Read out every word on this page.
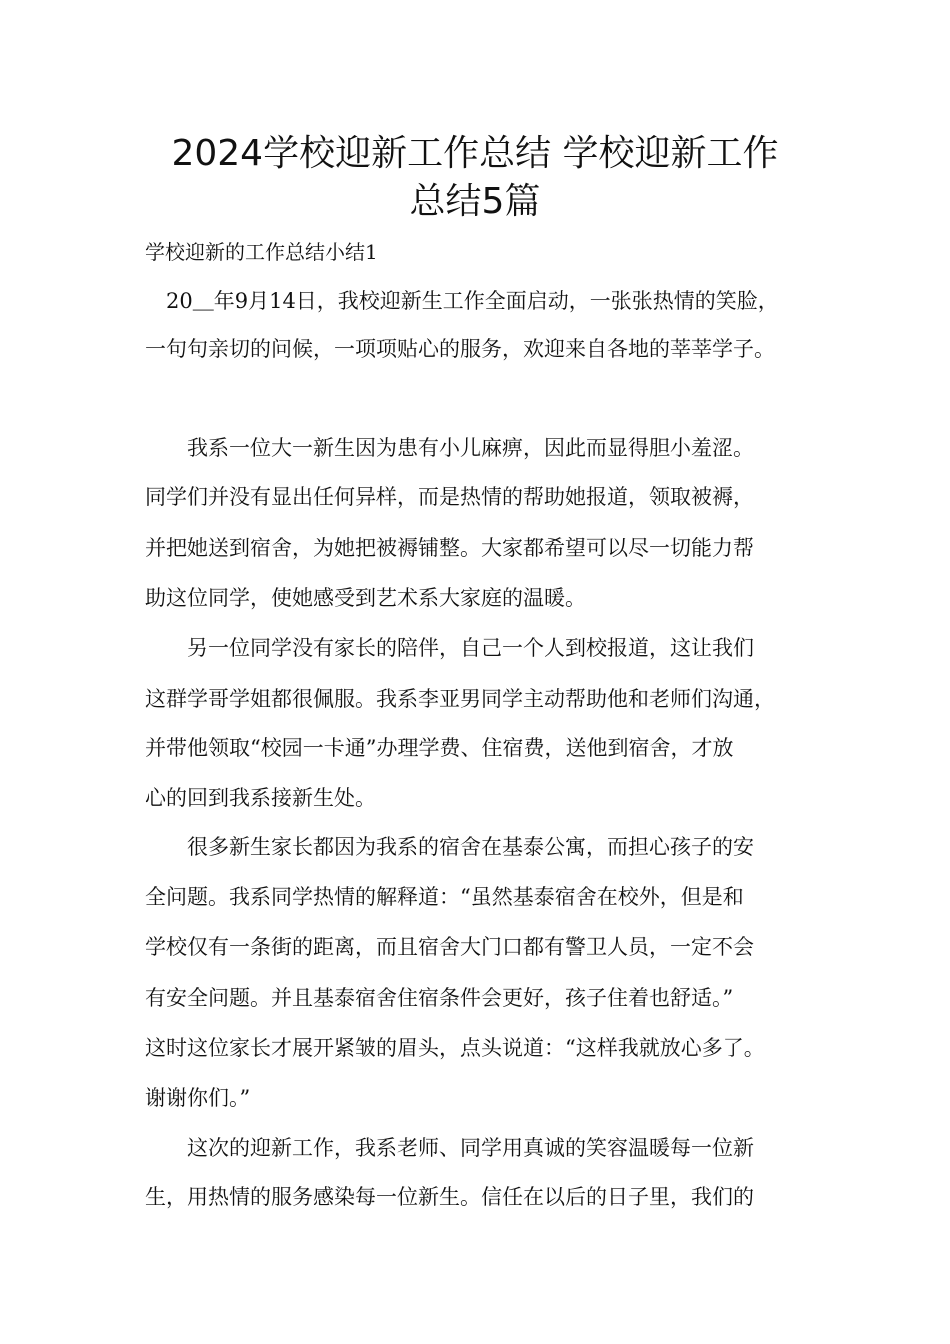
2024学校迎新工作总结 学校迎新工作
总结5篇

学校迎新的工作总结小结1

　20＿年9月14日，我校迎新生工作全面启动，一张张热情的笑脸，

一句句亲切的问候，一项项贴心的服务，欢迎来自各地的莘莘学子。

　　我系一位大一新生因为患有小儿麻痹，因此而显得胆小羞涩。

同学们并没有显出任何异样，而是热情的帮助她报道，领取被褥，

并把她送到宿舍，为她把被褥铺整。大家都希望可以尽一切能力帮

助这位同学，使她感受到艺术系大家庭的温暖。

　　另一位同学没有家长的陪伴，自己一个人到校报道，这让我们

这群学哥学姐都很佩服。我系李亚男同学主动帮助他和老师们沟通，

并带他领取“校园一卡通”办理学费、住宿费，送他到宿舍，才放

心的回到我系接新生处。

　　很多新生家长都因为我系的宿舍在基泰公寓，而担心孩子的安

全问题。我系同学热情的解释道：“虽然基泰宿舍在校外，但是和

学校仅有一条街的距离，而且宿舍大门口都有警卫人员，一定不会

有安全问题。并且基泰宿舍住宿条件会更好，孩子住着也舒适。”

这时这位家长才展开紧皱的眉头，点头说道：“这样我就放心多了。

谢谢你们。”

　　这次的迎新工作，我系老师、同学用真诚的笑容温暖每一位新

生，用热情的服务感染每一位新生。信任在以后的日子里，我们的
